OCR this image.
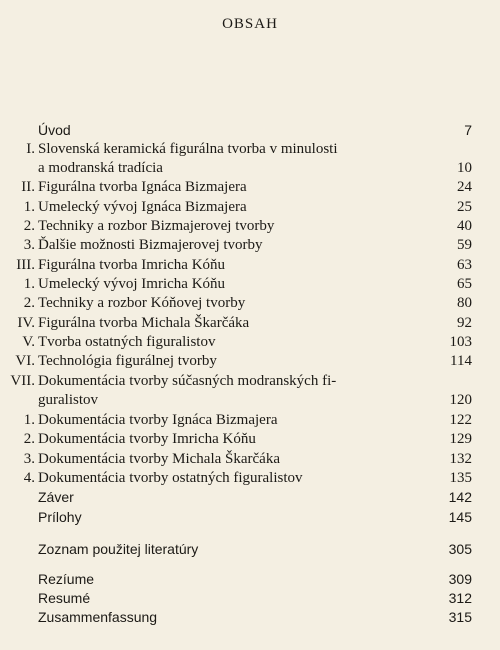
OBSAH
Úvod	7
I. Slovenská keramická figurálna tvorba v minulosti
a modranská tradícia	10
II. Figurálna tvorba Ignáca Bizmajera	24
1. Umelecký vývoj Ignáca Bizmajera	25
2. Techniky a rozbor Bizmajerovej tvorby	40
3. Ďalšie možnosti Bizmajerovej tvorby	59
III. Figurálna tvorba Imricha Kóňu	63
1. Umelecký vývoj Imricha Kóňu	65
2. Techniky a rozbor Kóňovej tvorby	80
IV. Figurálna tvorba Michala Škarčáka	92
V. Tvorba ostatných figuralistov	103
VI. Technológia figurálnej tvorby	114
VII. Dokumentácia tvorby súčasných modranských fi-
guralistov	120
1. Dokumentácia tvorby Ignáca Bizmajera	122
2. Dokumentácia tvorby Imricha Kóňu	129
3. Dokumentácia tvorby Michala Škarčáka	132
4. Dokumentácia tvorby ostatných figuralistov	135
Záver	142
Prílohy	145
Zoznam použitej literatúry	305
Rezíume	309
Resumé	312
Zusammenfassung	315
